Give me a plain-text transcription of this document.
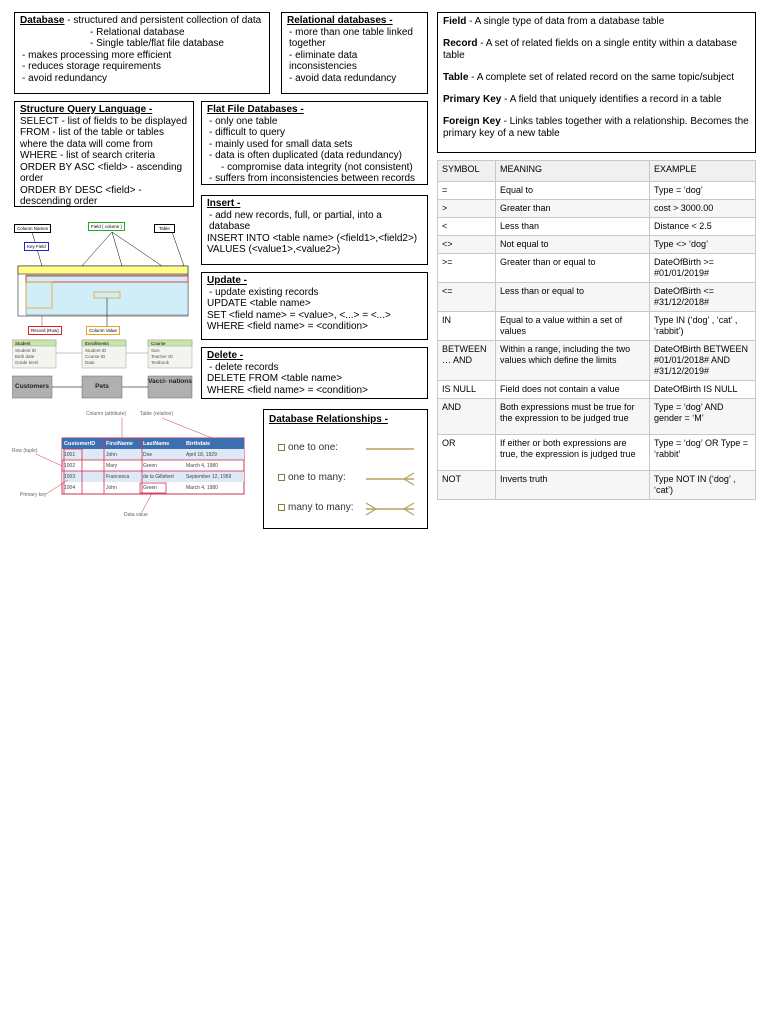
Database - structured and persistent collection of data
- Relational database
- Single table/flat file database
- makes processing more efficient
- reduces storage requirements
- avoid redundancy
Relational databases -
- more than one table linked together
- eliminate data inconsistencies
- avoid data redundancy

Field - A single type of data from a database table

Record - A set of related fields on a single entity within a database table

Table - A complete set of related record on the same topic/subject

Primary Key - A field that uniquely identifies a record in a table

Foreign Key - Links tables together with a relationship. Becomes the primary key of a new table

Structure Query Language -
SELECT - list of fields to be displayed
FROM - list of the table or tables where the data will come from
WHERE - list of search criteria
ORDER BY ASC <field> - ascending order
ORDER BY DESC <field> - descending order
Flat File Databases -
- only one table
- difficult to query
- mainly used for small data sets
- data is often duplicated (data redundancy)
- compromise data integrity (not consistent)
- suffers from inconsistencies between records
Insert -
- add new records, full, or partial, into a database
INSERT INTO <table name> (<field1>,<field2>)
VALUES (<value1>,<value2>)
Update -
- update existing records
UPDATE <table name>
SET <field name> = <value>, <...> = <...>
WHERE <field name> = <condition>
Delete -
- delete records
DELETE FROM <table name>
WHERE <field name> = <condition>
Database Relationships -
one to one:
one to many:
many to many:
Column Names	Field ( column )	Table
Key Field
Record (Row)	Column Value
Student	Enrollments	Course
Student ID
Birth date
Grade level
Student ID
Course ID
Date
Size
Teacher ID
Textbook
Customers	Pets
Vacci- nations
Column (attribute)	Table (relation)
Row (tuple)
Primary key
Data value
CustomerID FirstName LastName	Birthdate
1001	John	Doe	April 18, 1929
1002	Mary	Green	March 4, 1980
1003	Francesca	de la Gillebert September 12, 1959
1004	John	Green	March 4, 1980
SYMBOL	MEANING	EXAMPLE
=	Equal to	Type = ‘dog’
>	Greater than	cost > 3000.00
<	Less than	Distance < 2.5
<>	Not equal to	Type <> ‘dog’
>=	Greater than or equal to	DateOfBirth >= #01/01/2019#
<=	Less than or equal to	DateOfBirth <= #31/12/2018#
IN	Equal to a value within a set of values	Type IN (‘dog’ , ‘cat’ , ‘rabbit’)
BETWEEN … AND	Within a range, including the two values which define the limits	DateOfBirth BETWEEN #01/01/2018# AND #31/12/2019#
IS NULL	Field does not contain a value	DateOfBirth IS NULL
AND	Both expressions must be true for the expression to be judged true	Type = ‘dog’ AND gender = ‘M’
OR	If either or both expressions are true, the expression is judged true	Type = ‘dog’ OR Type = ‘rabbit’
NOT	Inverts truth	Type NOT IN (‘dog’ , ‘cat’)
